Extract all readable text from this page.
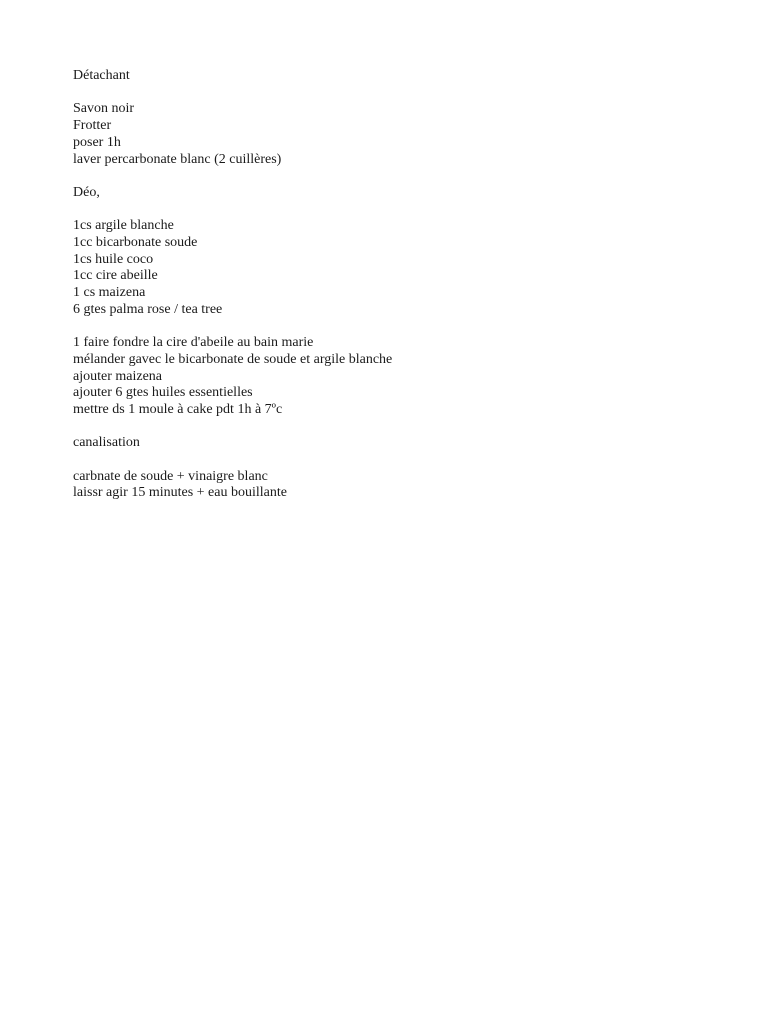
Détachant
Savon noir
Frotter
poser 1h
laver percarbonate blanc (2 cuillères)
Déo,
1cs argile blanche
1cc bicarbonate soude
1cs huile coco
1cc cire abeille
1 cs maizena
6 gtes palma rose / tea tree
1 faire fondre la cire d'abeile au bain marie
mélander gavec le bicarbonate de soude et argile blanche
ajouter maizena
ajouter 6 gtes huiles essentielles
mettre ds 1 moule à cake pdt 1h à 7ºc
canalisation
carbnate de soude + vinaigre blanc
laissr agir 15 minutes + eau bouillante
